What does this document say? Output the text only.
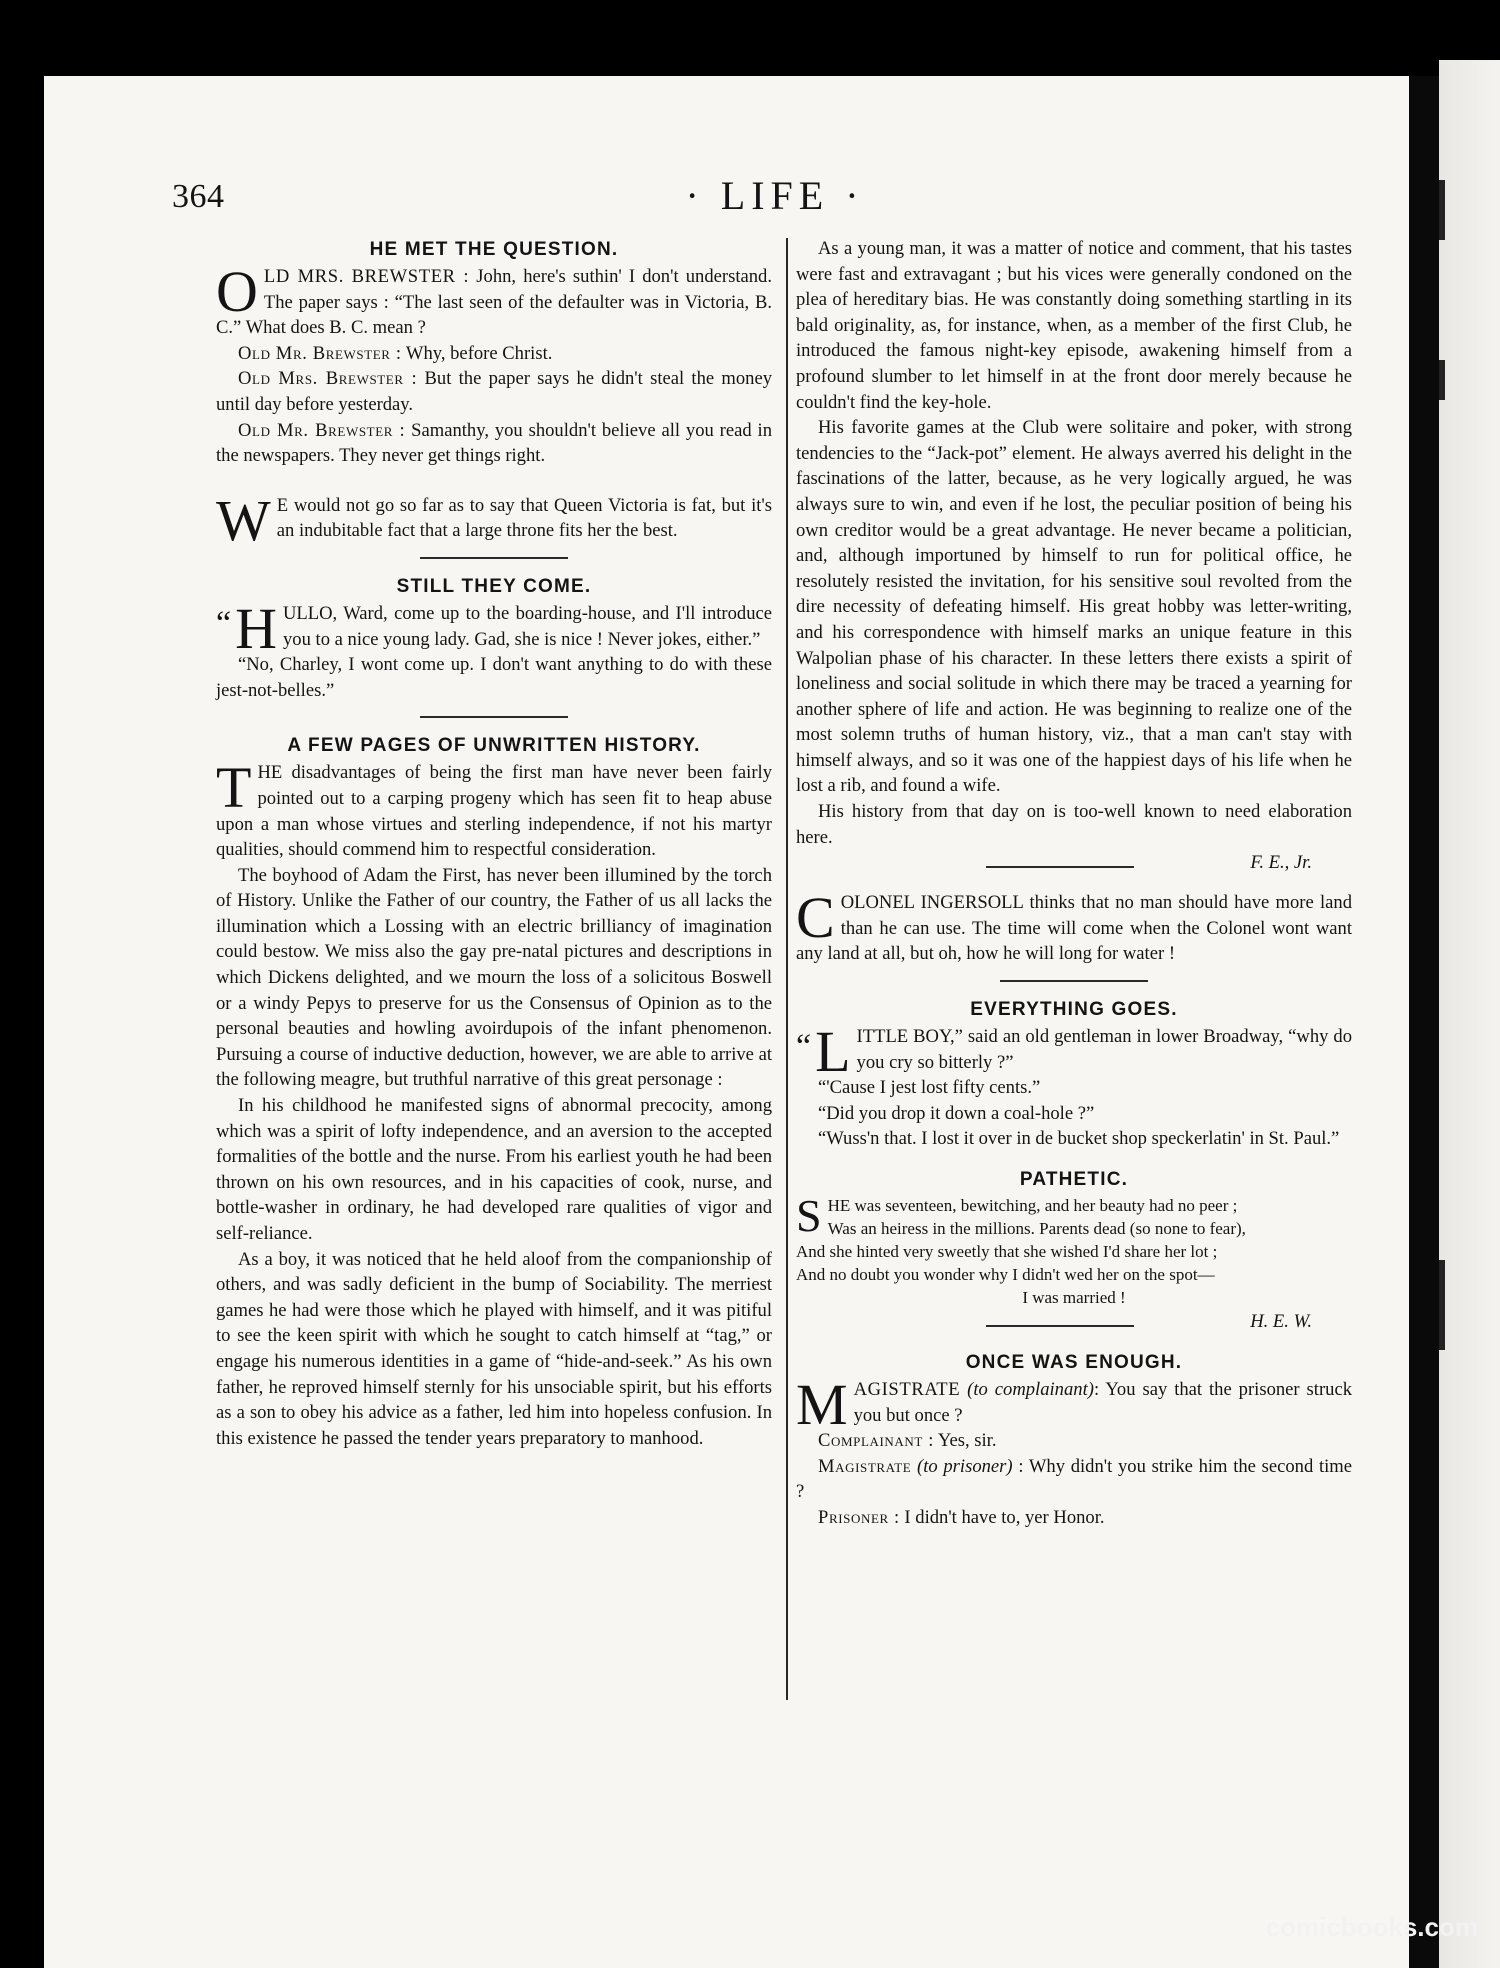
364	· LIFE ·
HE MET THE QUESTION.

OLD MRS. BREWSTER : John, here's suthin' I don't understand. The paper says : “The last seen of the defaulter was in Victoria, B. C.” What does B. C. mean ?

Old Mr. Brewster : Why, before Christ.

Old Mrs. Brewster : But the paper says he didn't steal the money until day before yesterday.

Old Mr. Brewster : Samanthy, you shouldn't believe all you read in the newspapers. They never get things right.

W E would not go so far as to say that Queen Victoria is fat, but it's an indubitable fact that a large throne fits her the best.

STILL THEY COME.

“ H ULLO, Ward, come up to the boarding-house, and I'll introduce you to a nice young lady. Gad, she is nice ! Never jokes, either.”

“No, Charley, I wont come up. I don't want anything to do with these jest-not-belles.”

A FEW PAGES OF UNWRITTEN HISTORY.

THE disadvantages of being the first man have never been fairly pointed out to a carping progeny which has seen fit to heap abuse upon a man whose virtues and sterling independence, if not his martyr qualities, should commend him to respectful consideration.

The boyhood of Adam the First, has never been illumined by the torch of History. Unlike the Father of our country, the Father of us all lacks the illumination which a Lossing with an electric brilliancy of imagination could bestow. We miss also the gay pre-natal pictures and descriptions in which Dickens delighted, and we mourn the loss of a solicitous Boswell or a windy Pepys to preserve for us the Consensus of Opinion as to the personal beauties and howling avoirdupois of the infant phenomenon. Pursuing a course of inductive deduction, however, we are able to arrive at the following meagre, but truthful narrative of this great personage :

In his childhood he manifested signs of abnormal precocity, among which was a spirit of lofty independence, and an aversion to the accepted formalities of the bottle and the nurse. From his earliest youth he had been thrown on his own resources, and in his capacities of cook, nurse, and bottle-washer in ordinary, he had developed rare qualities of vigor and self-reliance.

As a boy, it was noticed that he held aloof from the companionship of others, and was sadly deficient in the bump of Sociability. The merriest games he had were those which he played with himself, and it was pitiful to see the keen spirit with which he sought to catch himself at “tag,” or engage his numerous identities in a game of “hide-and-seek.” As his own father, he reproved himself sternly for his unsociable spirit, but his efforts as a son to obey his advice as a father, led him into hopeless confusion. In this existence he passed the tender years preparatory to manhood.

As a young man, it was a matter of notice and comment, that his tastes were fast and extravagant ; but his vices were generally condoned on the plea of hereditary bias. He was constantly doing something startling in its bald originality, as, for instance, when, as a member of the first Club, he introduced the famous night-key episode, awakening himself from a profound slumber to let himself in at the front door merely because he couldn't find the key-hole.

His favorite games at the Club were solitaire and poker, with strong tendencies to the “Jack-pot” element. He always averred his delight in the fascinations of the latter, because, as he very logically argued, he was always sure to win, and even if he lost, the peculiar position of being his own creditor would be a great advantage. He never became a politician, and, although importuned by himself to run for political office, he resolutely resisted the invitation, for his sensitive soul revolted from the dire necessity of defeating himself. His great hobby was letter-writing, and his correspondence with himself marks an unique feature in this Walpolian phase of his character. In these letters there exists a spirit of loneliness and social solitude in which there may be traced a yearning for another sphere of life and action. He was beginning to realize one of the most solemn truths of human history, viz., that a man can't stay with himself always, and so it was one of the happiest days of his life when he lost a rib, and found a wife.

His history from that day on is too-well known to need elaboration here.

F. E., Jr.

COLONEL INGERSOLL thinks that no man should have more land than he can use. The time will come when the Colonel wont want any land at all, but oh, how he will long for water !

EVERYTHING GOES.

“ L ITTLE BOY,” said an old gentleman in lower Broadway, “why do you cry so bitterly ?”

“'Cause I jest lost fifty cents.”

“Did you drop it down a coal-hole ?”

“Wuss'n that. I lost it over in de bucket shop speckerlatin' in St. Paul.”

PATHETIC.

SHE was seventeen, bewitching, and her beauty had no peer ;

Was an heiress in the millions. Parents dead (so none to fear),

And she hinted very sweetly that she wished I'd share her lot ;

And no doubt you wonder why I didn't wed her on the spot—

I was married !

H. E. W.
ONCE WAS ENOUGH.

MAGISTRATE (to complainant): You say that the prisoner struck you but once ?

Complainant : Yes, sir.

Magistrate (to prisoner) : Why didn't you strike him the second time ?

Prisoner : I didn't have to, yer Honor.

comicbooks.com
